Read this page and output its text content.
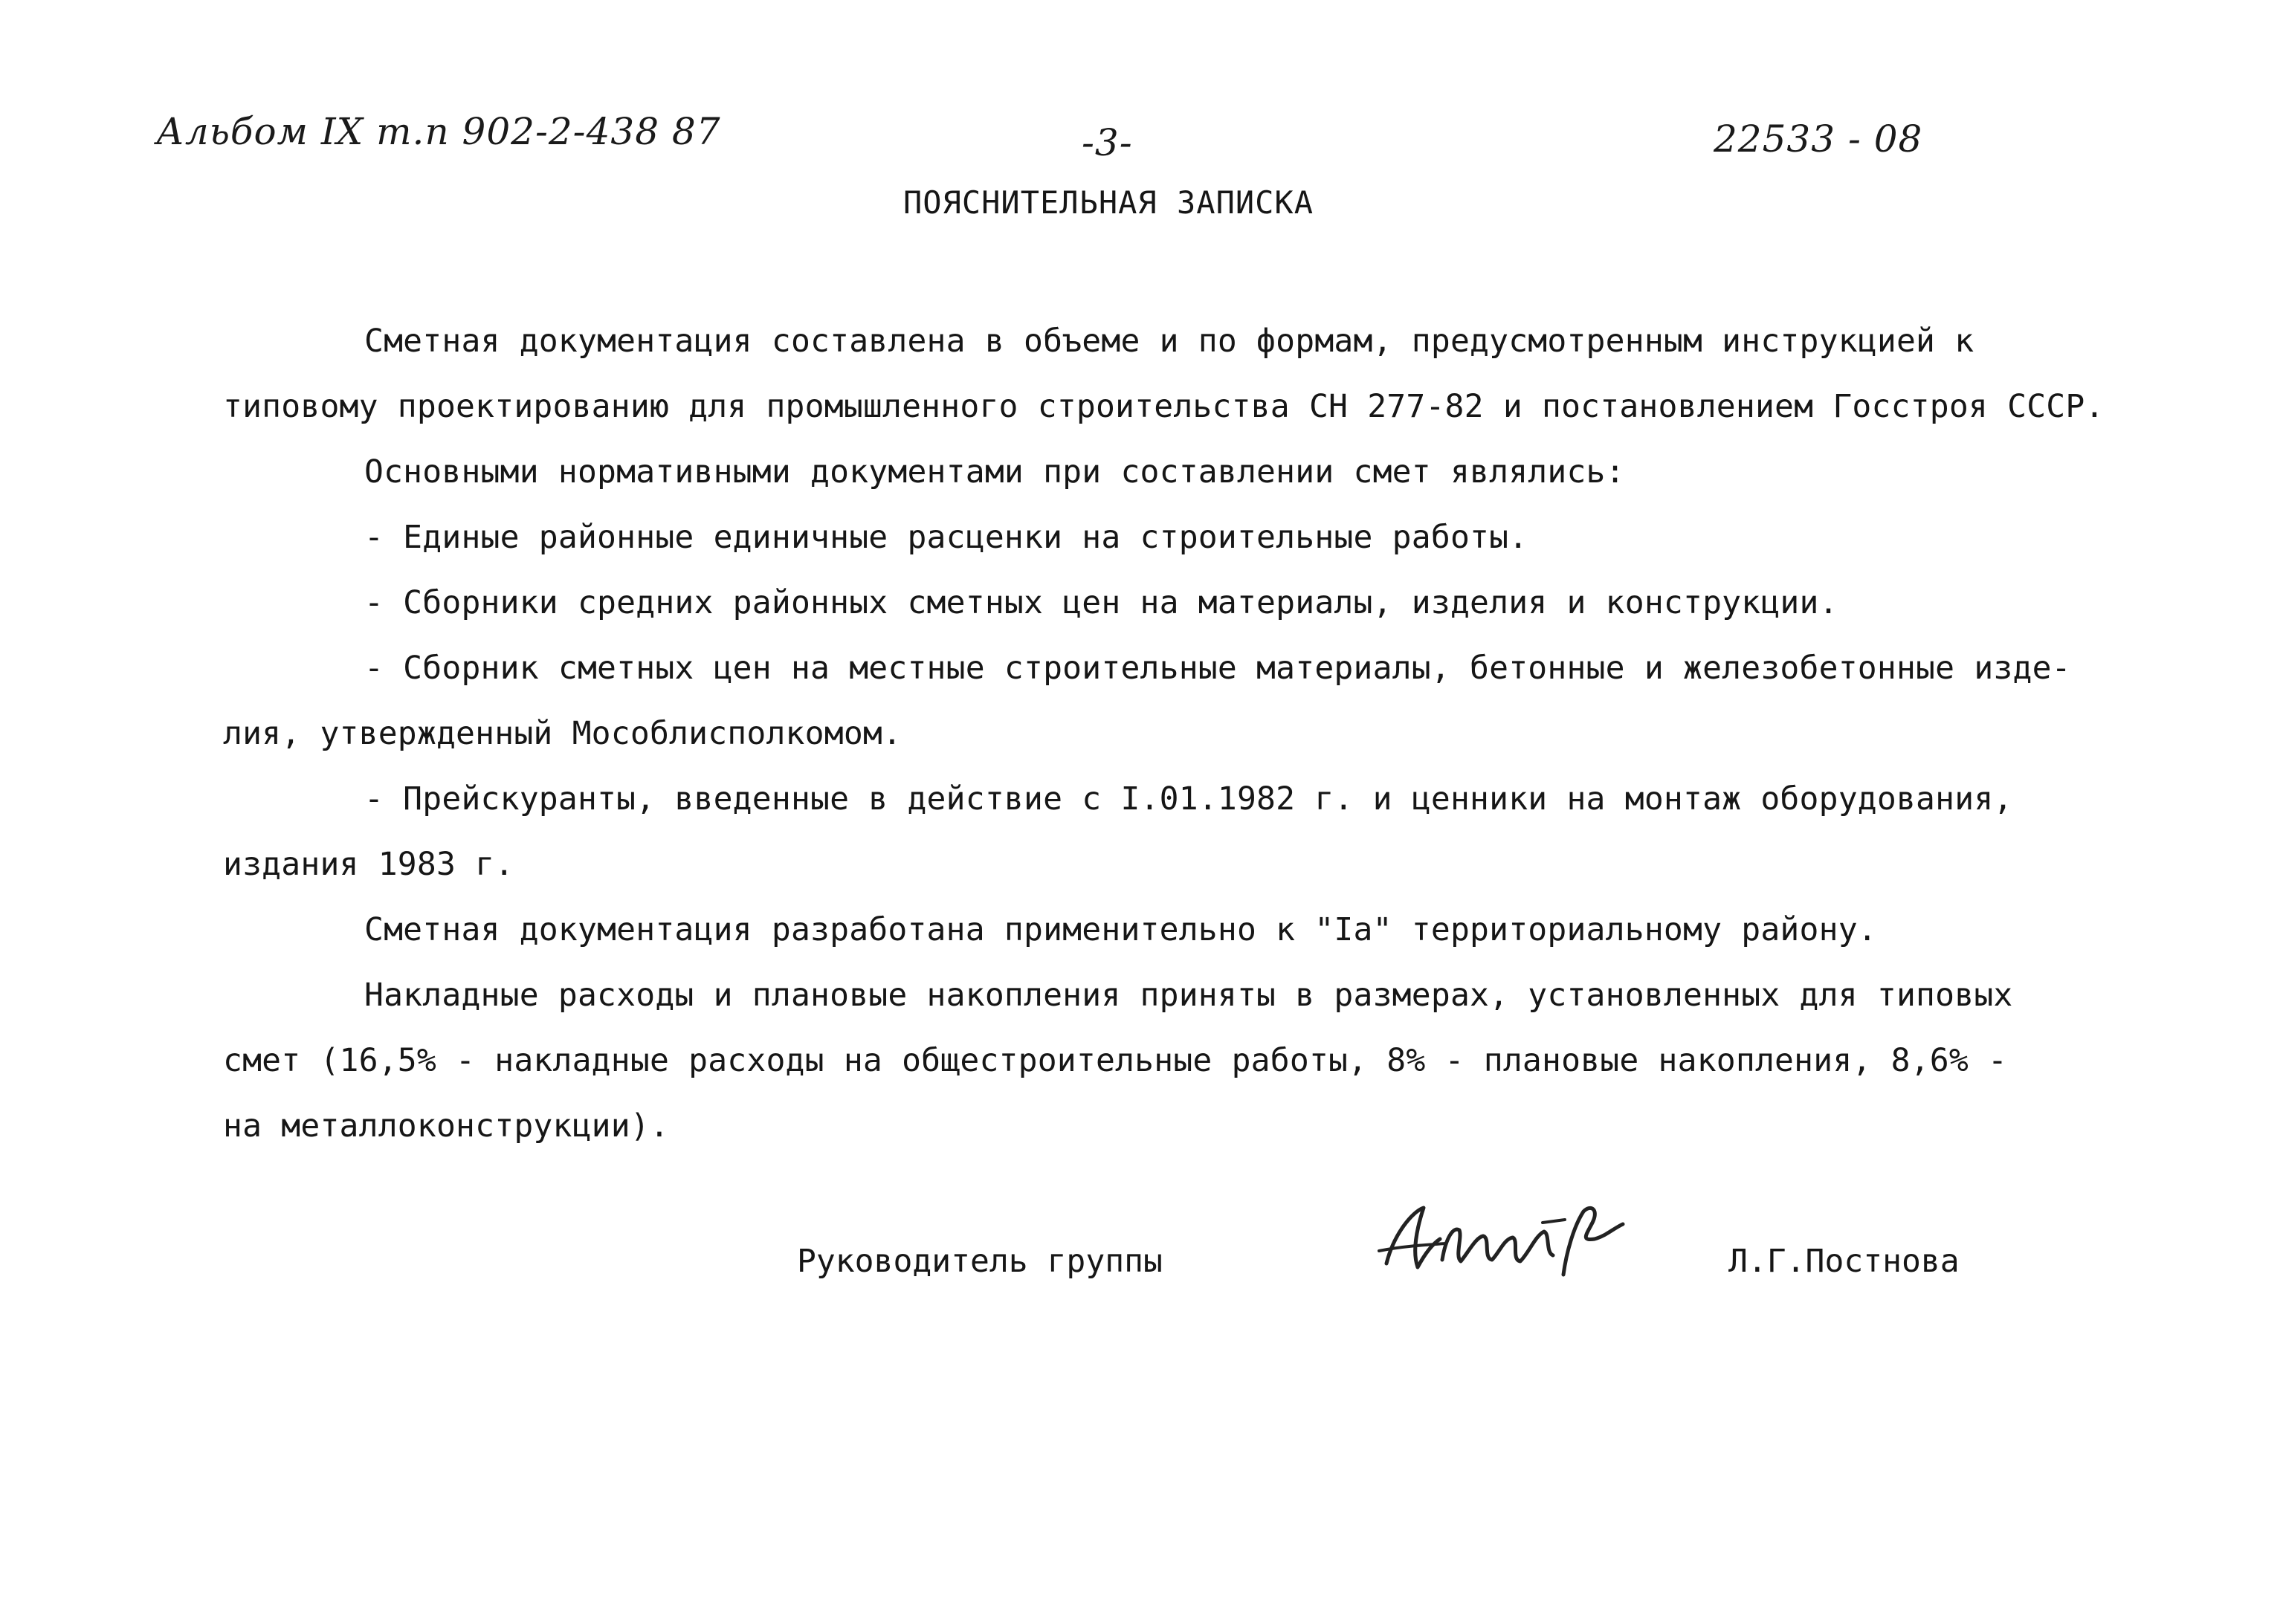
Альбом IX т.п 902-2-438 87	-3-	22533 - 08
ПОЯСНИТЕЛЬНАЯ ЗАПИСКА
Сметная документация составлена в объеме и по формам, предусмотренным инструкцией к
типовому проектированию для промышленного строительства СН 277-82 и постановлением Госстроя СССР.
Основными нормативными документами при составлении смет являлись:
- Единые районные единичные расценки на строительные работы.
- Сборники средних районных сметных цен на материалы, изделия и конструкции.
- Сборник сметных цен на местные строительные материалы, бетонные и железобетонные изде-
лия, утвержденный Мособлисполкомом.
- Прейскуранты, введенные в действие с I.01.1982 г. и ценники на монтаж оборудования,
издания 1983 г.
Сметная документация разработана применительно к "Iа" территориальному району.
Накладные расходы и плановые накопления приняты в размерах, установленных для типовых
смет (16,5% - накладные расходы на общестроительные работы, 8% - плановые накопления, 8,6% -
на металлоконструкции).
Руководитель группы	Л.Г.Постнова
